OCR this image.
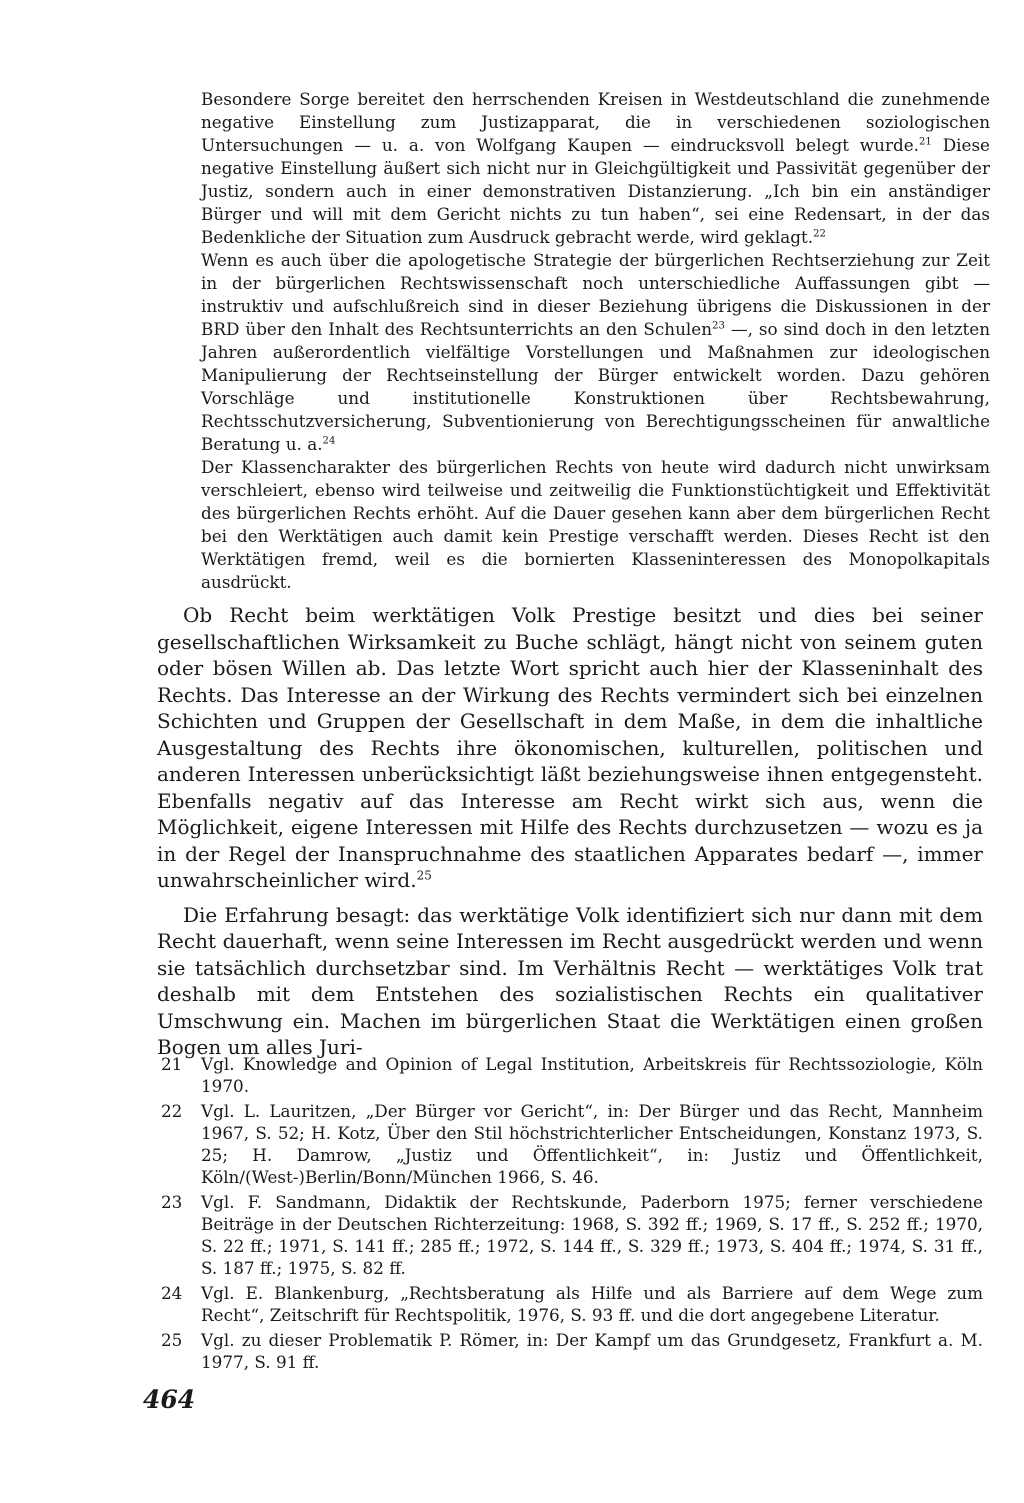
Besondere Sorge bereitet den herrschenden Kreisen in Westdeutschland die zunehmende negative Einstellung zum Justizapparat, die in verschiedenen soziologischen Untersuchungen — u. a. von Wolfgang Kaupen — eindrucksvoll belegt wurde.$^{21}$ Diese negative Einstellung äußert sich nicht nur in Gleichgültigkeit und Passivität gegenüber der Justiz, sondern auch in einer demonstrativen Distanzierung. „Ich bin ein anständiger Bürger und will mit dem Gericht nichts zu tun haben“, sei eine Redensart, in der das Bedenkliche der Situation zum Ausdruck gebracht werde, wird geklagt.$^{22}$

Wenn es auch über die apologetische Strategie der bürgerlichen Rechtserziehung zur Zeit in der bürgerlichen Rechtswissenschaft noch unterschiedliche Auffassungen gibt — instruktiv und aufschlußreich sind in dieser Beziehung übrigens die Diskussionen in der BRD über den Inhalt des Rechtsunterrichts an den Schulen$^{23}$ —, so sind doch in den letzten Jahren außerordentlich vielfältige Vorstellungen und Maßnahmen zur ideologischen Manipulierung der Rechtseinstellung der Bürger entwickelt worden. Dazu gehören Vorschläge und institutionelle Konstruktionen über Rechtsbewahrung, Rechtsschutzversicherung, Subventionierung von Berechtigungsscheinen für anwaltliche Beratung u. a.$^{24}$

Der Klassencharakter des bürgerlichen Rechts von heute wird dadurch nicht unwirksam verschleiert, ebenso wird teilweise und zeitweilig die Funktionstüchtigkeit und Effektivität des bürgerlichen Rechts erhöht. Auf die Dauer gesehen kann aber dem bürgerlichen Recht bei den Werktätigen auch damit kein Prestige verschafft werden. Dieses Recht ist den Werktätigen fremd, weil es die bornierten Klasseninteressen des Monopolkapitals ausdrückt.

Ob Recht beim werktätigen Volk Prestige besitzt und dies bei seiner gesellschaftlichen Wirksamkeit zu Buche schlägt, hängt nicht von seinem guten oder bösen Willen ab. Das letzte Wort spricht auch hier der Klasseninhalt des Rechts. Das Interesse an der Wirkung des Rechts vermindert sich bei einzelnen Schichten und Gruppen der Gesellschaft in dem Maße, in dem die inhaltliche Ausgestaltung des Rechts ihre ökonomischen, kulturellen, politischen und anderen Interessen unberücksichtigt läßt beziehungsweise ihnen entgegensteht. Ebenfalls negativ auf das Interesse am Recht wirkt sich aus, wenn die Möglichkeit, eigene Interessen mit Hilfe des Rechts durchzusetzen — wozu es ja in der Regel der Inanspruchnahme des staatlichen Apparates bedarf —, immer unwahrscheinlicher wird.$^{25}$

Die Erfahrung besagt: das werktätige Volk identifiziert sich nur dann mit dem Recht dauerhaft, wenn seine Interessen im Recht ausgedrückt werden und wenn sie tatsächlich durchsetzbar sind. Im Verhältnis Recht — werktätiges Volk trat deshalb mit dem Entstehen des sozialistischen Rechts ein qualitativer Umschwung ein. Machen im bürgerlichen Staat die Werktätigen einen großen Bogen um alles Juri-

21	Vgl. Knowledge and Opinion of Legal Institution, Arbeitskreis für Rechtssoziologie, Köln 1970.
22	Vgl. L. Lauritzen, „Der Bürger vor Gericht“, in: Der Bürger und das Recht, Mannheim 1967, S. 52; H. Kotz, Über den Stil höchstrichterlicher Entscheidungen, Konstanz 1973, S. 25; H. Damrow, „Justiz und Öffentlichkeit“, in: Justiz und Öffentlichkeit, Köln/(West-)Berlin/Bonn/München 1966, S. 46.
23	Vgl. F. Sandmann, Didaktik der Rechtskunde, Paderborn 1975; ferner verschiedene Beiträge in der Deutschen Richterzeitung: 1968, S. 392 ff.; 1969, S. 17 ff., S. 252 ff.; 1970, S. 22 ff.; 1971, S. 141 ff.; 285 ff.; 1972, S. 144 ff., S. 329 ff.; 1973, S. 404 ff.; 1974, S. 31 ff., S. 187 ff.; 1975, S. 82 ff.
24	Vgl. E. Blankenburg, „Rechtsberatung als Hilfe und als Barriere auf dem Wege zum Recht“, Zeitschrift für Rechtspolitik, 1976, S. 93 ff. und die dort angegebene Literatur.
25	Vgl. zu dieser Problematik P. Römer, in: Der Kampf um das Grundgesetz, Frankfurt a. M. 1977, S. 91 ff.
464
